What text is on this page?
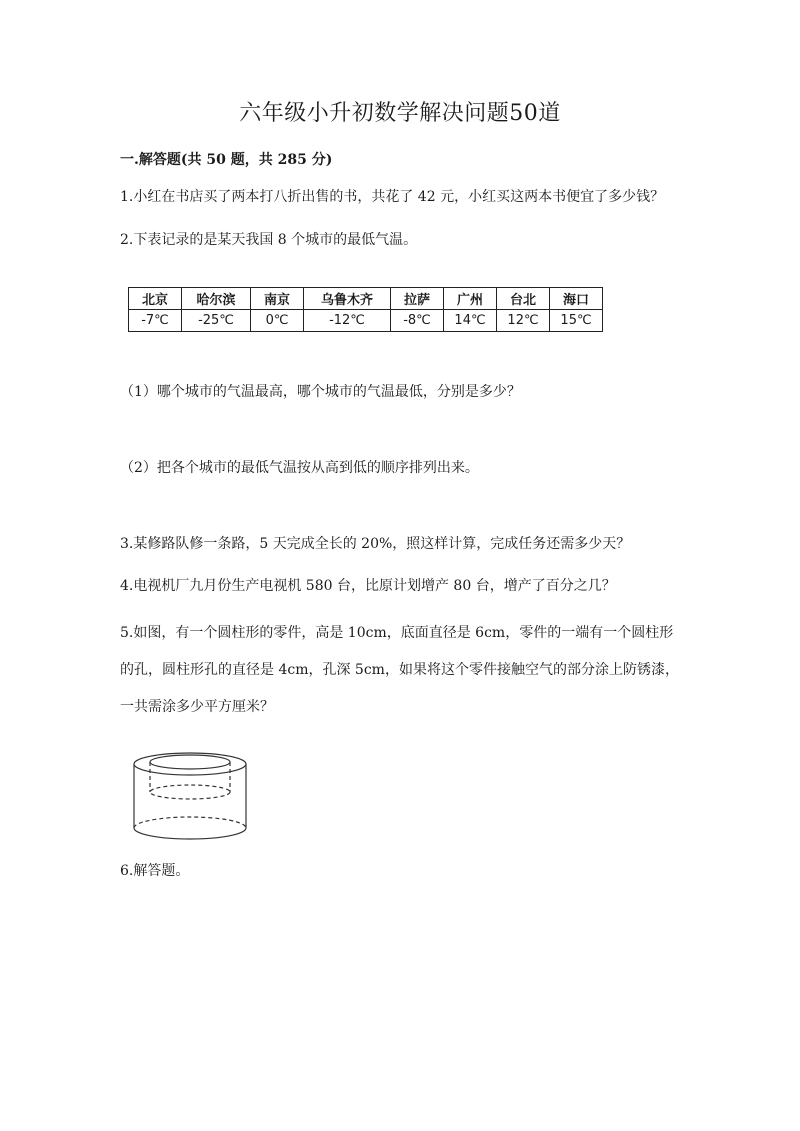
六年级小升初数学解决问题50道
一.解答题(共 50 题，共 285 分)
1.小红在书店买了两本打八折出售的书，共花了 42 元，小红买这两本书便宜了多少钱？
2.下表记录的是某天我国 8 个城市的最低气温。
北京	哈尔滨	南京	乌鲁木齐	拉萨	广州	台北	海口
-7℃	-25℃	0℃	-12℃	-8℃	14℃	12℃	15℃
（1）哪个城市的气温最高，哪个城市的气温最低，分别是多少？
（2）把各个城市的最低气温按从高到低的顺序排列出来。
3.某修路队修一条路，5 天完成全长的 20%，照这样计算，完成任务还需多少天？
4.电视机厂九月份生产电视机 580 台，比原计划增产 80 台，增产了百分之几？
5.如图，有一个圆柱形的零件，高是 10cm，底面直径是 6cm，零件的一端有一个圆柱形的孔，圆柱形孔的直径是 4cm，孔深 5cm，如果将这个零件接触空气的部分涂上防锈漆，一共需涂多少平方厘米？
6.解答题。
